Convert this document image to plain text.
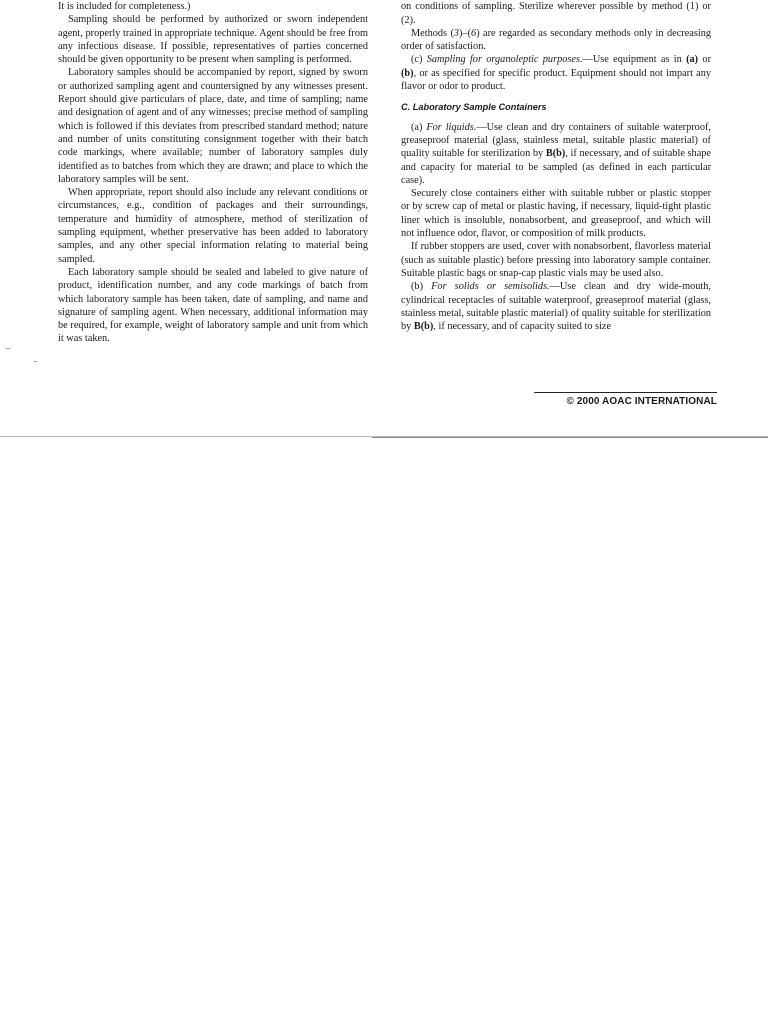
It is included for completeness.)

Sampling should be performed by authorized or sworn independent agent, properly trained in appropriate technique. Agent should be free from any infectious disease. If possible, representatives of parties concerned should be given opportunity to be present when sampling is performed.

Laboratory samples should be accompanied by report, signed by sworn or authorized sampling agent and countersigned by any witnesses present. Report should give particulars of place, date, and time of sampling; name and designation of agent and of any witnesses; precise method of sampling which is followed if this deviates from prescribed standard method; nature and number of units constituting consignment together with their batch code markings, where available; number of laboratory samples duly identified as to batches from which they are drawn; and place to which the laboratory samples will be sent.

When appropriate, report should also include any relevant conditions or circumstances, e.g., condition of packages and their surroundings, temperature and humidity of atmosphere, method of sterilization of sampling equipment, whether preservative has been added to laboratory samples, and any other special information relating to material being sampled.

Each laboratory sample should be sealed and labeled to give nature of product, identification number, and any code markings of batch from which laboratory sample has been taken, date of sampling, and name and signature of sampling agent. When necessary, additional information may be required, for example, weight of laboratory sample and unit from which it was taken.

on conditions of sampling. Sterilize wherever possible by method (1) or (2).

Methods (3)–(6) are regarded as secondary methods only in decreasing order of satisfaction.

(c) Sampling for organoleptic purposes.—Use equipment as in (a) or (b), or as specified for specific product. Equipment should not impart any flavor or odor to product.

C. Laboratory Sample Containers

(a) For liquids.—Use clean and dry containers of suitable waterproof, greaseproof material (glass, stainless metal, suitable plastic material) of quality suitable for sterilization by B(b), if necessary, and of suitable shape and capacity for material to be sampled (as defined in each particular case).

Securely close containers either with suitable rubber or plastic stopper or by screw cap of metal or plastic having, if necessary, liquid-tight plastic liner which is insoluble, nonabsorbent, and greaseproof, and which will not influence odor, flavor, or composition of milk products.

If rubber stoppers are used, cover with nonabsorbent, flavorless material (such as suitable plastic) before pressing into laboratory sample container. Suitable plastic bags or snap-cap plastic vials may be used also.

(b) For solids or semisolids.—Use clean and dry wide-mouth, cylindrical receptacles of suitable waterproof, greaseproof material (glass, stainless metal, suitable plastic material) of quality suitable for sterilization by B(b), if necessary, and of capacity suited to size

© 2000 AOAC INTERNATIONAL
